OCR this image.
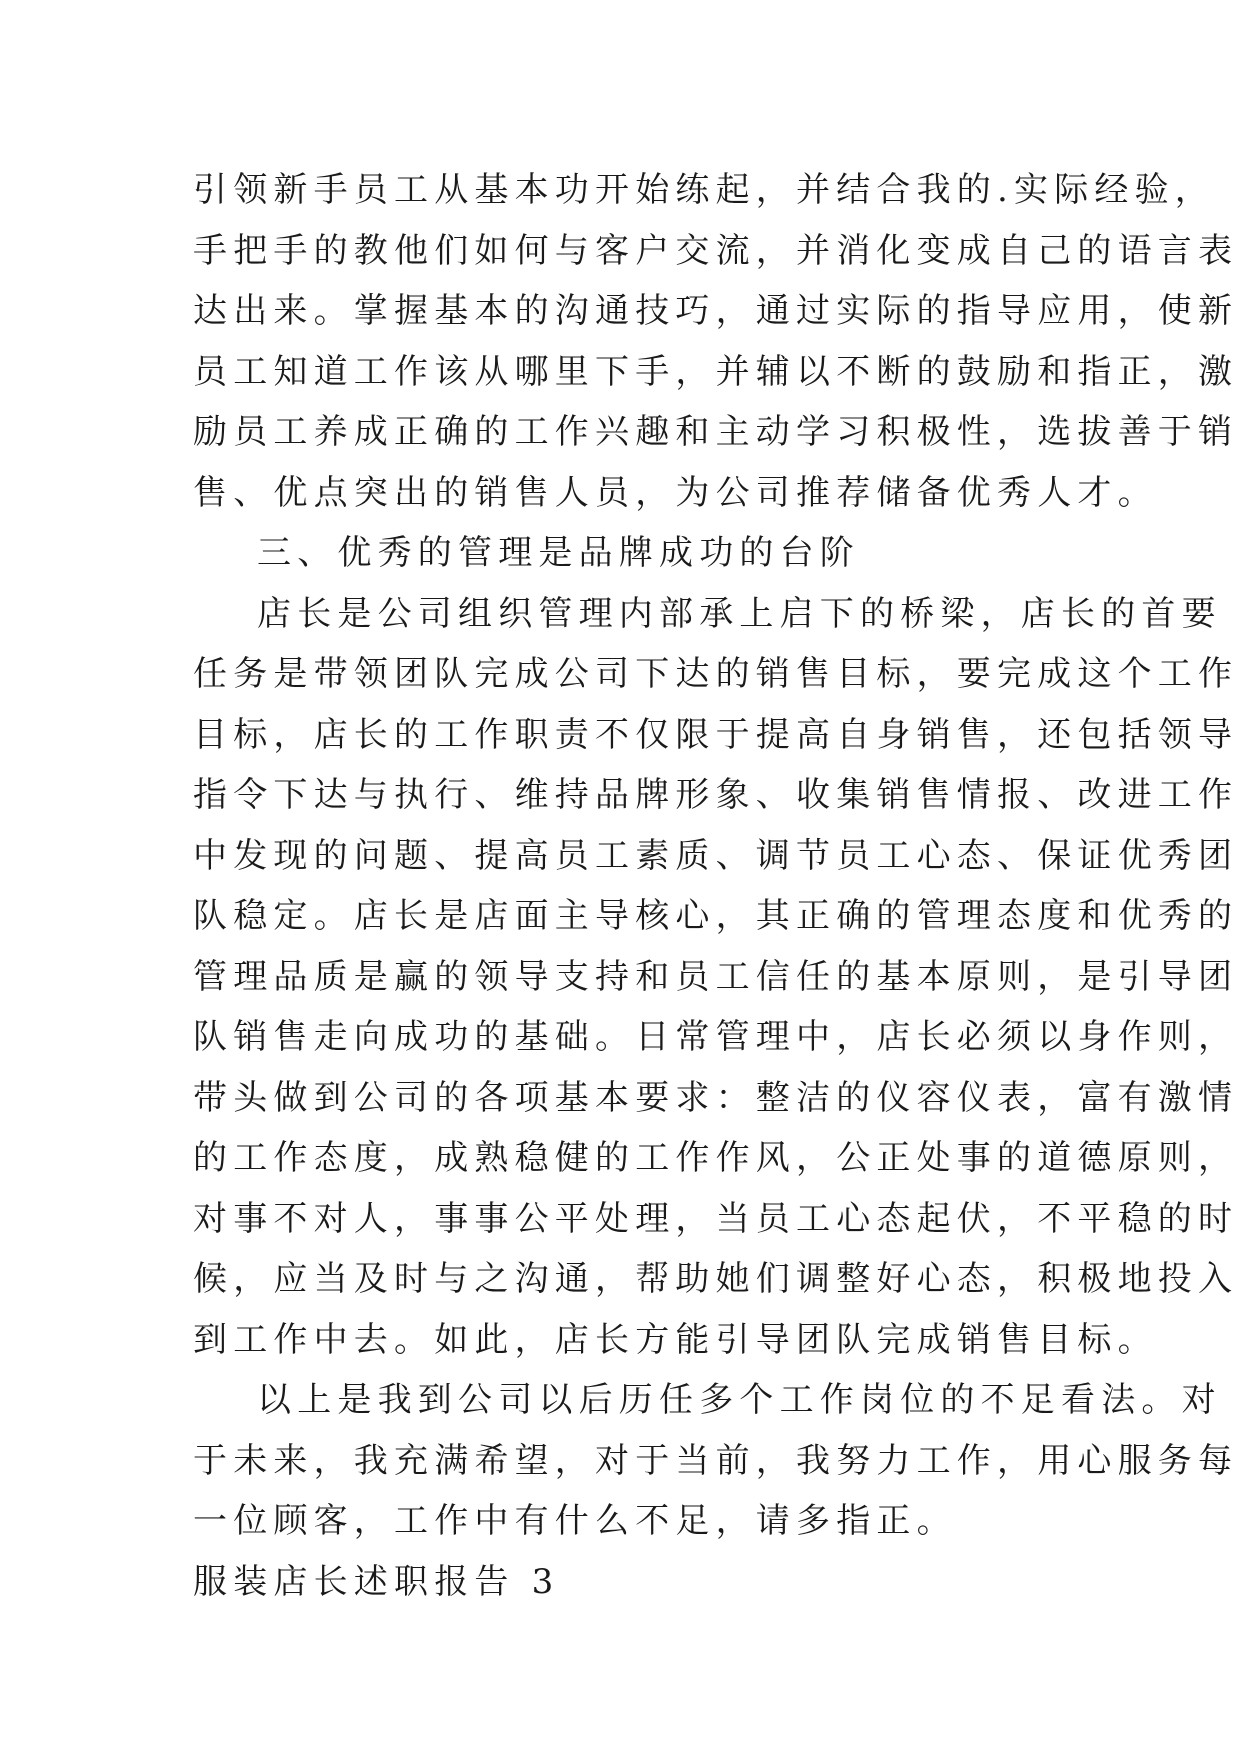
引领新手员工从基本功开始练起，并结合我的.实际经验，
手把手的教他们如何与客户交流，并消化变成自己的语言表
达出来。掌握基本的沟通技巧，通过实际的指导应用，使新
员工知道工作该从哪里下手，并辅以不断的鼓励和指正，激
励员工养成正确的工作兴趣和主动学习积极性，选拔善于销
售、优点突出的销售人员，为公司推荐储备优秀人才。
三、优秀的管理是品牌成功的台阶
店长是公司组织管理内部承上启下的桥梁，店长的首要
任务是带领团队完成公司下达的销售目标，要完成这个工作
目标，店长的工作职责不仅限于提高自身销售，还包括领导
指令下达与执行、维持品牌形象、收集销售情报、改进工作
中发现的问题、提高员工素质、调节员工心态、保证优秀团
队稳定。店长是店面主导核心，其正确的管理态度和优秀的
管理品质是赢的领导支持和员工信任的基本原则，是引导团
队销售走向成功的基础。日常管理中，店长必须以身作则，
带头做到公司的各项基本要求：整洁的仪容仪表，富有激情
的工作态度，成熟稳健的工作作风，公正处事的道德原则，
对事不对人，事事公平处理，当员工心态起伏，不平稳的时
候，应当及时与之沟通，帮助她们调整好心态，积极地投入
到工作中去。如此，店长方能引导团队完成销售目标。
以上是我到公司以后历任多个工作岗位的不足看法。对
于未来，我充满希望，对于当前，我努力工作，用心服务每
一位顾客，工作中有什么不足，请多指正。
服装店长述职报告 3
